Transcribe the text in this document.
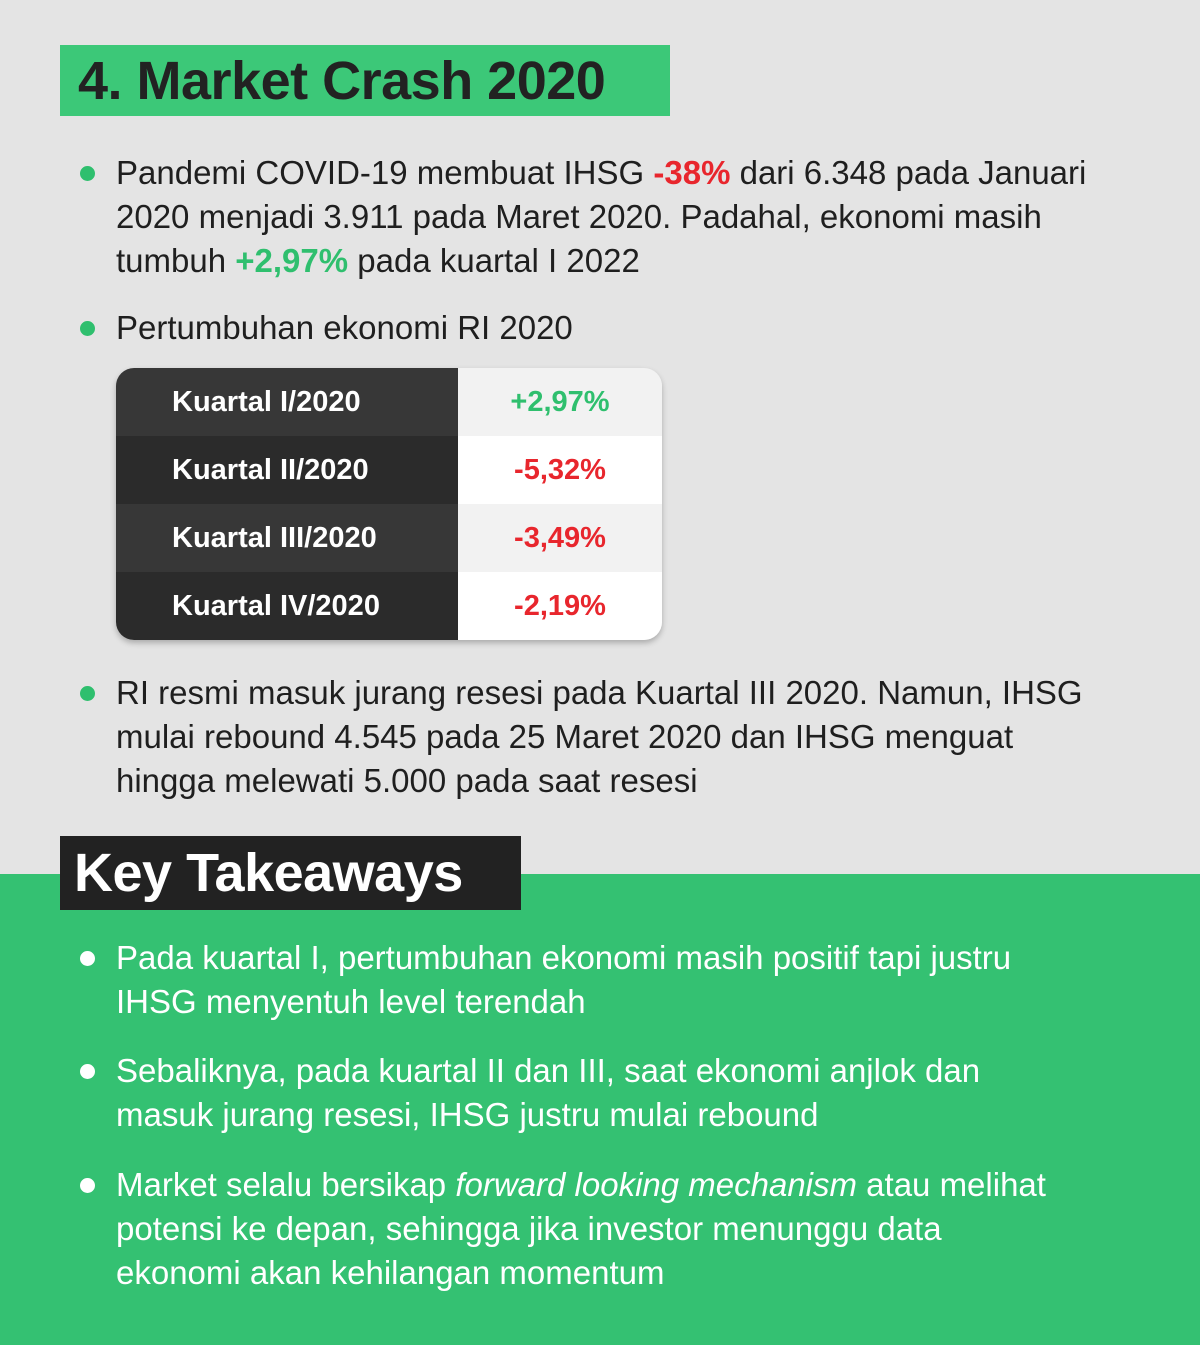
4. Market Crash 2020

Pandemi COVID-19 membuat IHSG -38% dari 6.348 pada Januari 2020 menjadi 3.911 pada Maret 2020. Padahal, ekonomi masih tumbuh +2,97% pada kuartal I 2022

Pertumbuhan ekonomi RI 2020

Kuartal I/2020	+2,97%
Kuartal II/2020	-5,32%
Kuartal III/2020	-3,49%
Kuartal IV/2020	-2,19%

RI resmi masuk jurang resesi pada Kuartal III 2020. Namun, IHSG mulai rebound 4.545 pada 25 Maret 2020 dan IHSG menguat hingga melewati 5.000 pada saat resesi

Key Takeaways

Pada kuartal I, pertumbuhan ekonomi masih positif tapi justru IHSG menyentuh level terendah

Sebaliknya, pada kuartal II dan III, saat ekonomi anjlok dan masuk jurang resesi, IHSG justru mulai rebound

Market selalu bersikap forward looking mechanism atau melihat potensi ke depan, sehingga jika investor menunggu data ekonomi akan kehilangan momentum
